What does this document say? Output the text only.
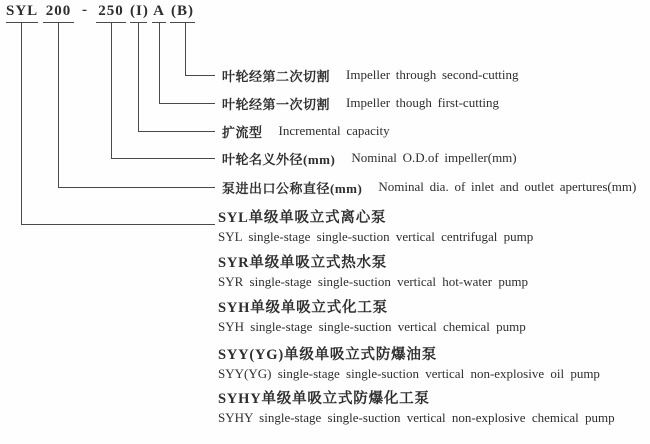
SYL 200 - 250 (I) A (B)
叶轮经第二次切割 Impeller through second-cutting
叶轮经第一次切割 Impeller though first-cutting
扩流型 Incremental capacity
叶轮名义外径(mm) Nominal O.D.of impeller(mm)
泵进出口公称直径(mm) Nominal dia. of inlet and outlet apertures(mm)
SYL单级单吸立式离心泵
SYL single-stage single-suction vertical centrifugal pump
SYR单级单吸立式热水泵
SYR single-stage single-suction vertical hot-water pump
SYH单级单吸立式化工泵
SYH single-stage single-suction vertical chemical pump
SYY(YG)单级单吸立式防爆油泵
SYY(YG) single-stage single-suction vertical non-explosive oil pump
SYHY单级单吸立式防爆化工泵
SYHY single-stage single-suction vertical non-explosive chemical pump
